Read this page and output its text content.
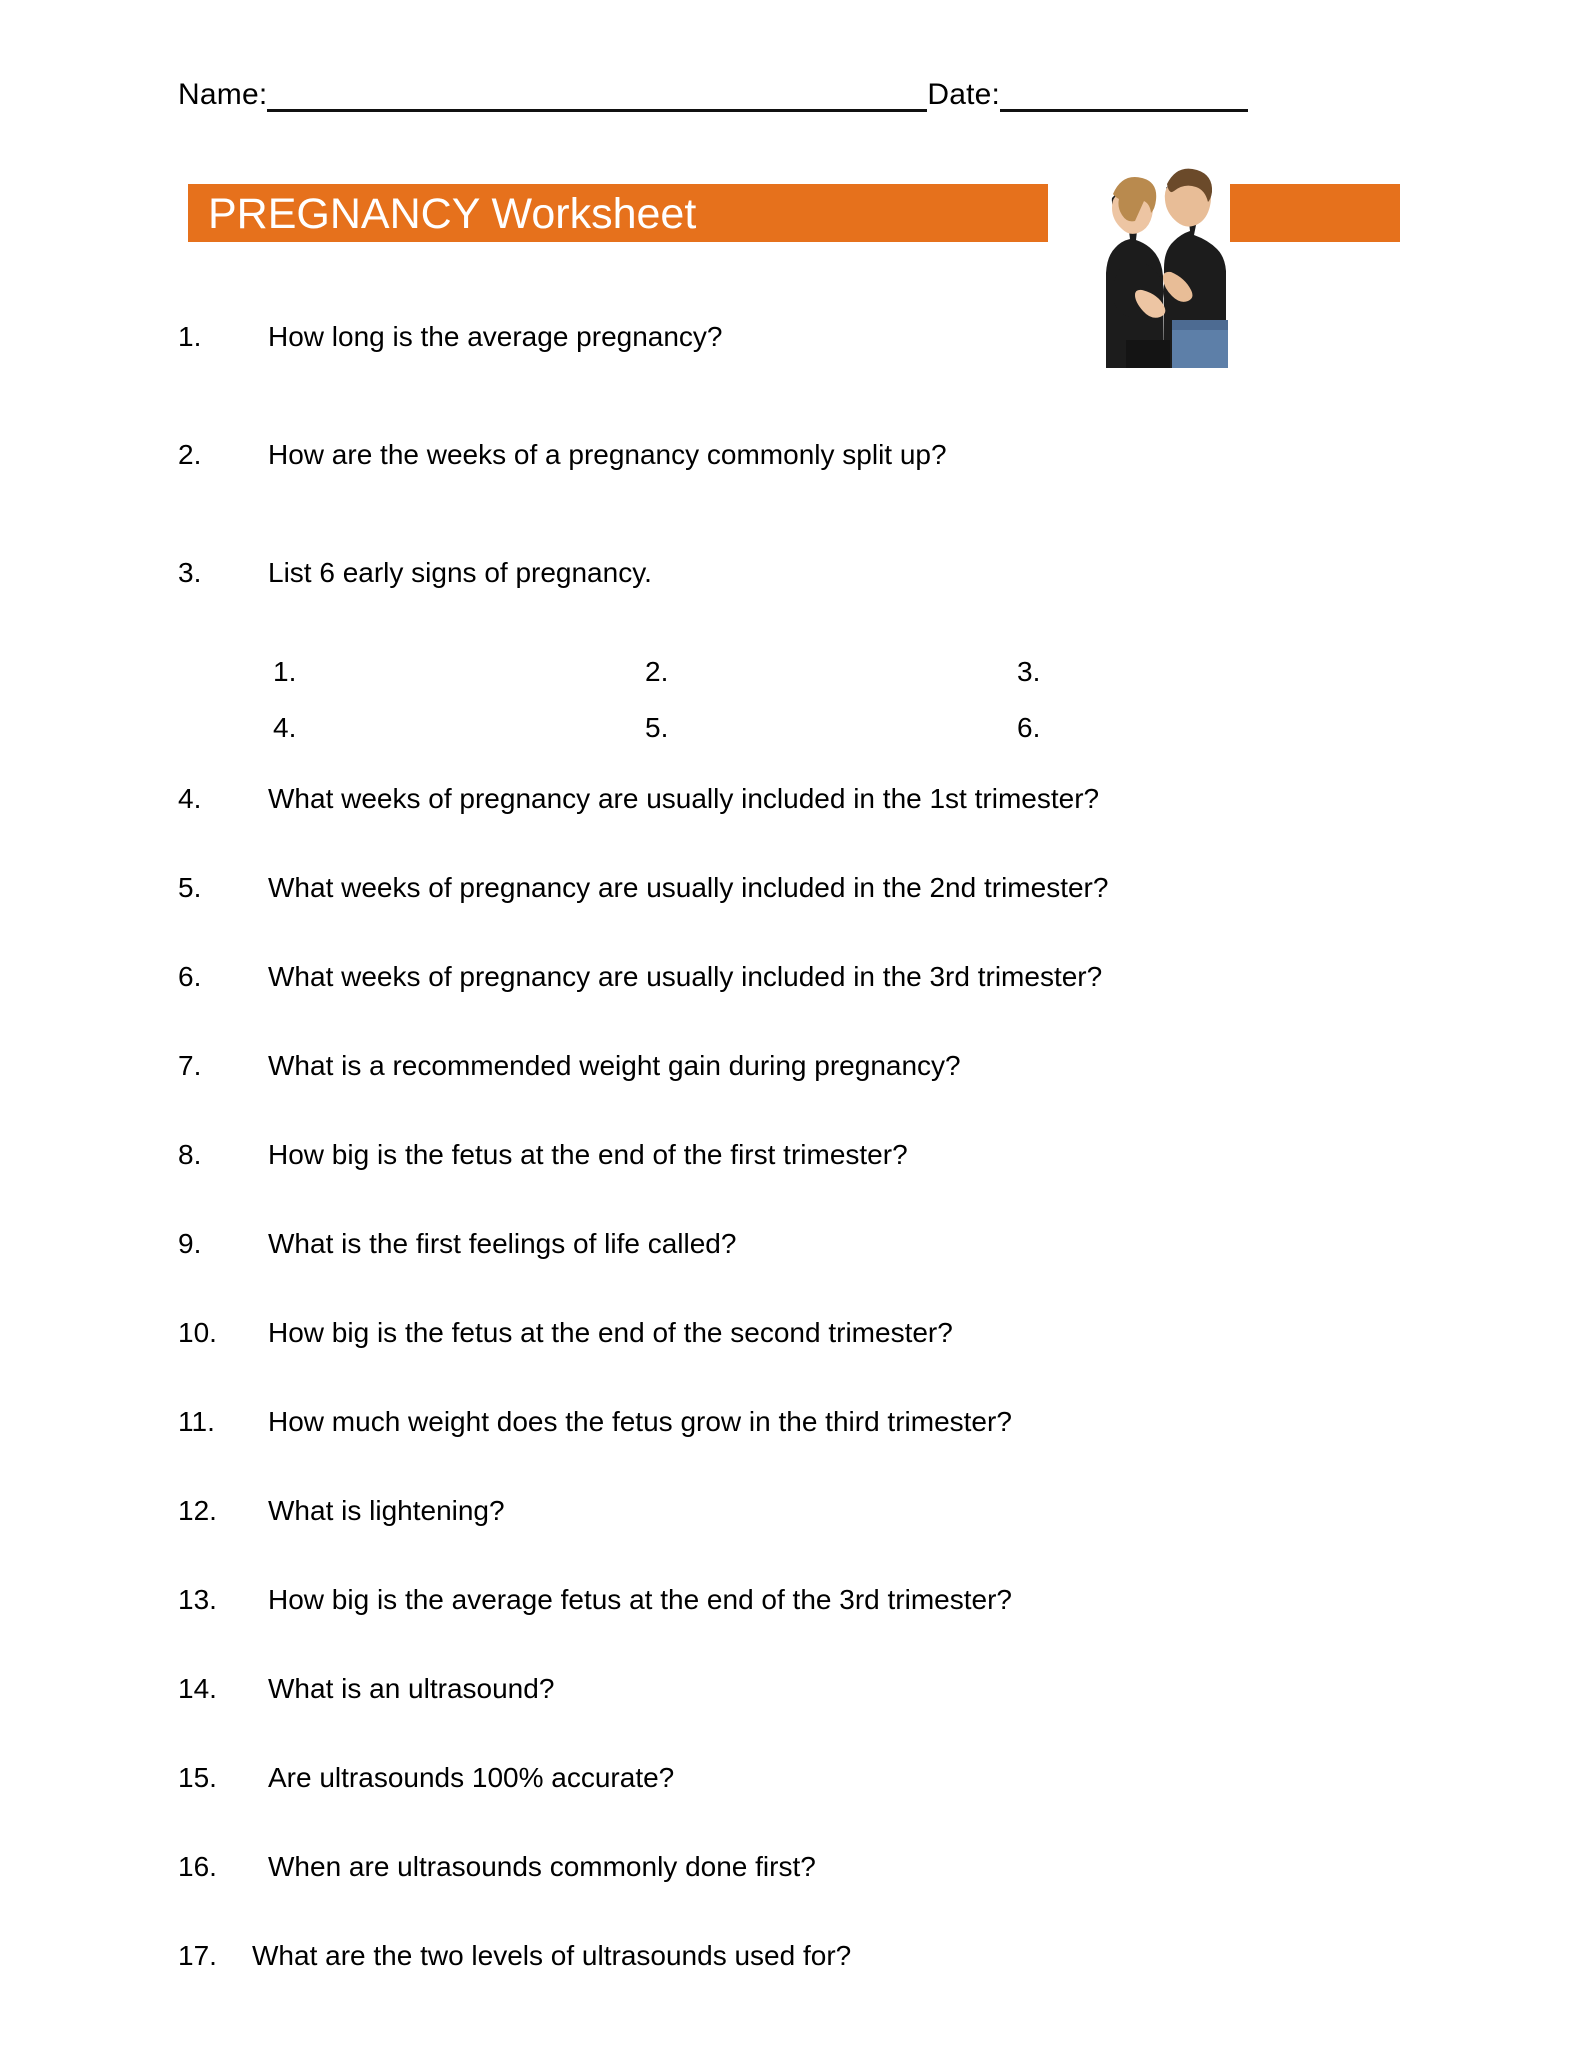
Name:	Date:
PREGNANCY Worksheet
1.	How long is the average pregnancy?
2.	How are the weeks of a pregnancy commonly split up?
3.	List 6 early signs of pregnancy.
4.	What weeks of pregnancy are usually included in the 1st trimester?
5.	What weeks of pregnancy are usually included in the 2nd trimester?
6.	What weeks of pregnancy are usually included in the 3rd trimester?
7.	What is a recommended weight gain during pregnancy?
8.	How big is the fetus at the end of the first trimester?
9.	What is the first feelings of life called?
10.	How big is the fetus at the end of the second trimester?
11.	How much weight does the fetus grow in the third trimester?
12.	What is lightening?
13.	How big is the average fetus at the end of the 3rd trimester?
14.	What is an ultrasound?
15.	Are ultrasounds 100% accurate?
16.	When are ultrasounds commonly done first?
17.	What are the two levels of ultrasounds used for?
1.	2.	3.
4.	5.	6.
